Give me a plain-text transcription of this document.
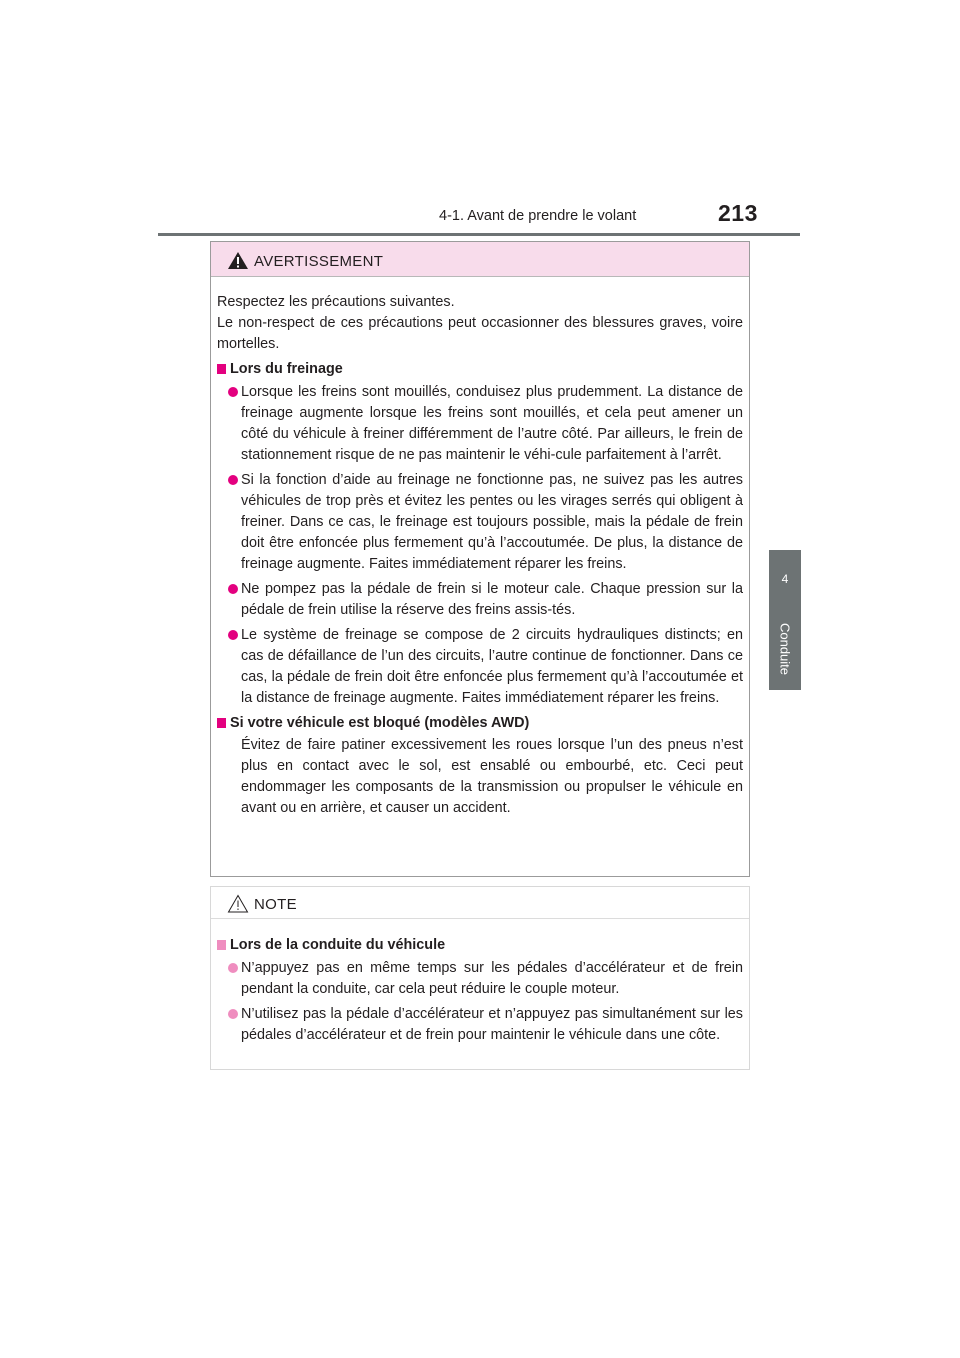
4-1. Avant de prendre le volant	213
4
Conduite
AVERTISSEMENT

Respectez les précautions suivantes.

Le non-respect de ces précautions peut occasionner des blessures graves, voire mortelles.

Lors du freinage
Lorsque les freins sont mouillés, conduisez plus prudemment. La distance de freinage augmente lorsque les freins sont mouillés, et cela peut amener un côté du véhicule à freiner différemment de l’autre côté. Par ailleurs, le frein de stationnement risque de ne pas maintenir le véhi-cule parfaitement à l’arrêt.
Si la fonction d’aide au freinage ne fonctionne pas, ne suivez pas les autres véhicules de trop près et évitez les pentes ou les virages serrés qui obligent à freiner. Dans ce cas, le freinage est toujours possible, mais la pédale de frein doit être enfoncée plus fermement qu’à l’accoutumée. De plus, la distance de freinage augmente. Faites immédiatement réparer les freins.
Ne pompez pas la pédale de frein si le moteur cale. Chaque pression sur la pédale de frein utilise la réserve des freins assis-tés.
Le système de freinage se compose de 2 circuits hydrauliques distincts; en cas de défaillance de l’un des circuits, l’autre continue de fonctionner. Dans ce cas, la pédale de frein doit être enfoncée plus fermement qu’à l’accoutumée et la distance de freinage augmente. Faites immédiatement réparer les freins.
Si votre véhicule est bloqué (modèles AWD)

Évitez de faire patiner excessivement les roues lorsque l’un des pneus n’est plus en contact avec le sol, est ensablé ou embourbé, etc. Ceci peut endommager les composants de la transmission ou propulser le véhicule en avant ou en arrière, et causer un accident.

NOTE
Lors de la conduite du véhicule
N’appuyez pas en même temps sur les pédales d’accélérateur et de frein pendant la conduite, car cela peut réduire le couple moteur.
N’utilisez pas la pédale d’accélérateur et n’appuyez pas simultanément sur les pédales d’accélérateur et de frein pour maintenir le véhicule dans une côte.
